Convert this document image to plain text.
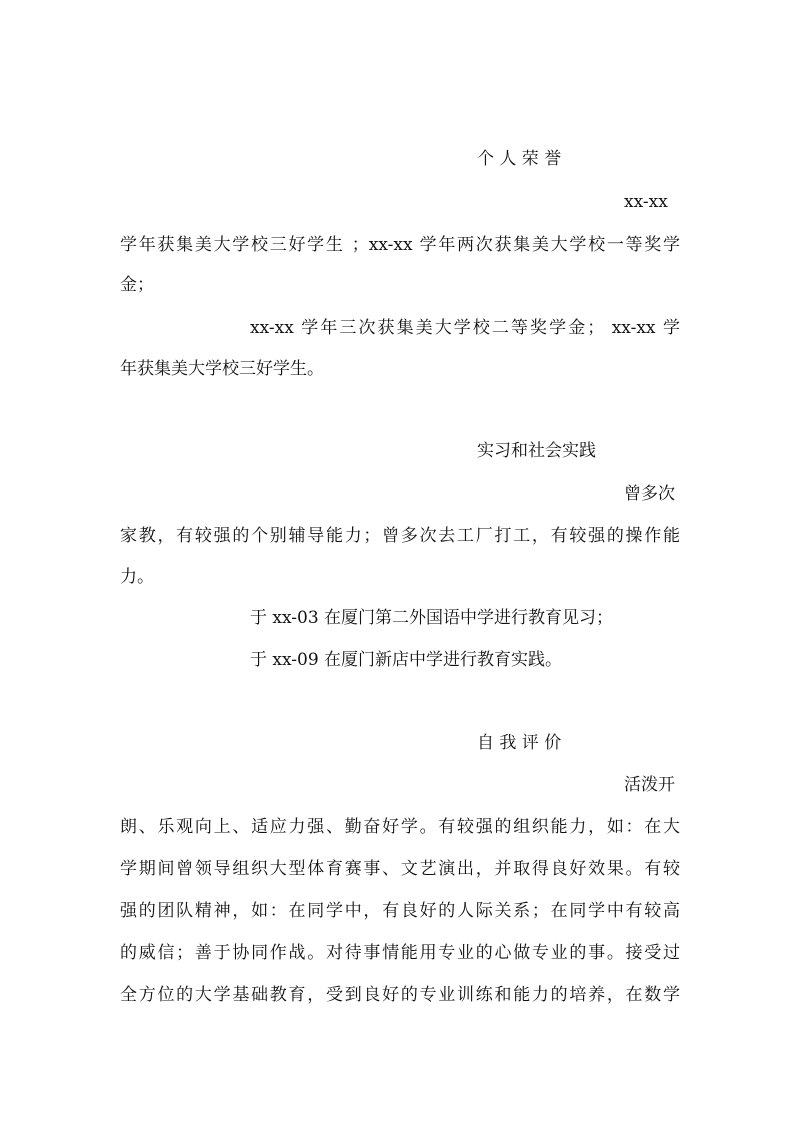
个 人 荣 誉

xx-xx

学年获集美大学校三好学生 ；xx-xx 学年两次获集美大学校一等奖学

金；

xx-xx 学年三次获集美大学校二等奖学金； xx-xx 学

年获集美大学校三好学生。

实习和社会实践

曾多次

家教，有较强的个别辅导能力；曾多次去工厂打工，有较强的操作能

力。

于 xx-03 在厦门第二外国语中学进行教育见习；

于 xx-09 在厦门新店中学进行教育实践。

自 我 评 价

活泼开

朗、乐观向上、适应力强、勤奋好学。有较强的组织能力，如：在大

学期间曾领导组织大型体育赛事、文艺演出，并取得良好效果。有较

强的团队精神，如：在同学中，有良好的人际关系；在同学中有较高

的威信；善于协同作战。对待事情能用专业的心做专业的事。接受过

全方位的大学基础教育，受到良好的专业训练和能力的培养，在数学
